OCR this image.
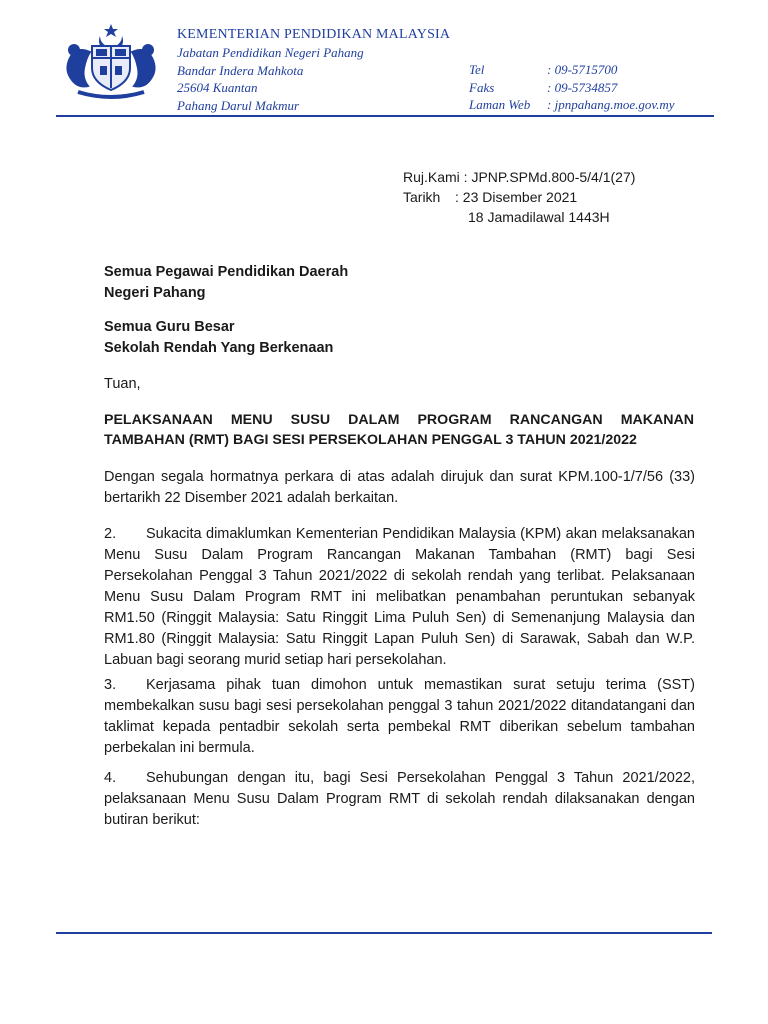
KEMENTERIAN PENDIDIKAN MALAYSIA
Jabatan Pendidikan Negeri Pahang
Bandar Indera Mahkota
25604 Kuantan
Pahang Darul Makmur
Tel	: 09-5715700
Faks	: 09-5734857
Laman Web	: jpnpahang.moe.gov.my
Ruj.Kami : JPNP.SPMd.800-5/4/1(27)
Tarikh	: 23 Disember 2021
18 Jamadilawal 1443H
Semua Pegawai Pendidikan Daerah
Negeri Pahang
Semua Guru Besar
Sekolah Rendah Yang Berkenaan
Tuan,
PELAKSANAAN MENU SUSU DALAM PROGRAM RANCANGAN MAKANAN TAMBAHAN (RMT) BAGI SESI PERSEKOLAHAN PENGGAL 3 TAHUN 2021/2022
Dengan segala hormatnya perkara di atas adalah dirujuk dan surat KPM.100-1/7/56 (33) bertarikh 22 Disember 2021 adalah berkaitan.
2. Sukacita dimaklumkan Kementerian Pendidikan Malaysia (KPM) akan melaksanakan Menu Susu Dalam Program Rancangan Makanan Tambahan (RMT) bagi Sesi Persekolahan Penggal 3 Tahun 2021/2022 di sekolah rendah yang terlibat. Pelaksanaan Menu Susu Dalam Program RMT ini melibatkan penambahan peruntukan sebanyak RM1.50 (Ringgit Malaysia: Satu Ringgit Lima Puluh Sen) di Semenanjung Malaysia dan RM1.80 (Ringgit Malaysia: Satu Ringgit Lapan Puluh Sen) di Sarawak, Sabah dan W.P. Labuan bagi seorang murid setiap hari persekolahan.
3. Kerjasama pihak tuan dimohon untuk memastikan surat setuju terima (SST) membekalkan susu bagi sesi persekolahan penggal 3 tahun 2021/2022 ditandatangani dan taklimat kepada pentadbir sekolah serta pembekal RMT diberikan sebelum tambahan perbekalan ini bermula.
4. Sehubungan dengan itu, bagi Sesi Persekolahan Penggal 3 Tahun 2021/2022, pelaksanaan Menu Susu Dalam Program RMT di sekolah rendah dilaksanakan dengan butiran berikut:
